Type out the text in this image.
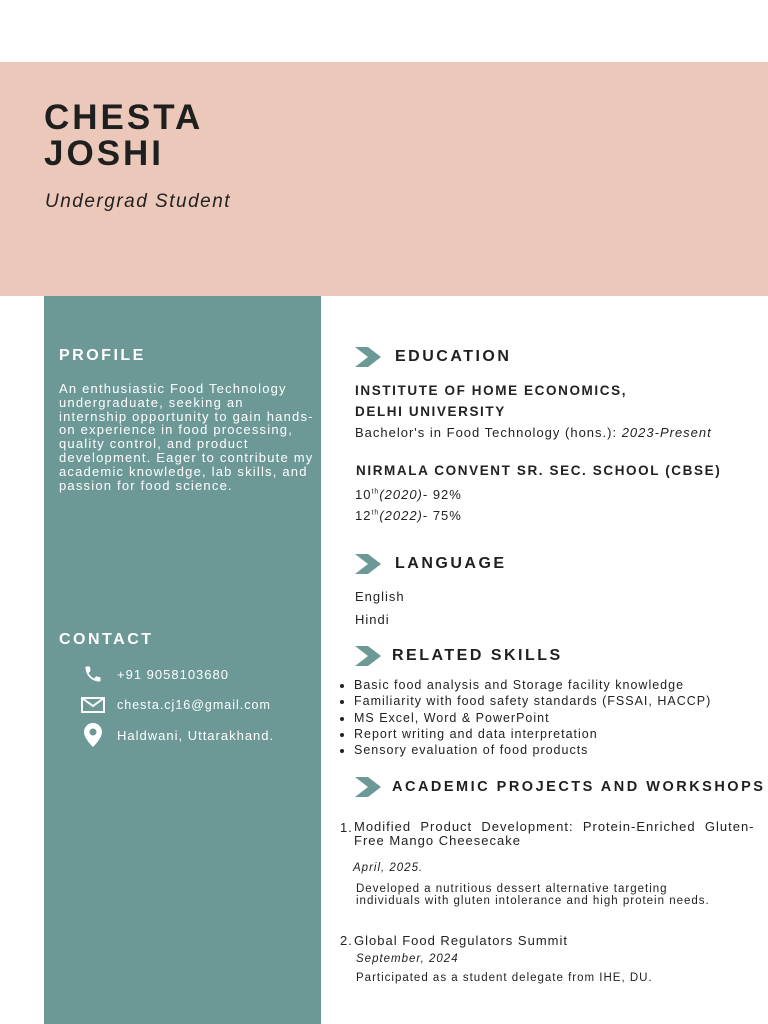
CHESTA
JOSHI
Undergrad Student
PROFILE
An enthusiastic Food Technology undergraduate, seeking an internship opportunity to gain hands-on experience in food processing, quality control, and product development. Eager to contribute my academic knowledge, lab skills, and passion for food science.
CONTACT
+91 9058103680
chesta.cj16@gmail.com
Haldwani, Uttarakhand.
EDUCATION
INSTITUTE OF HOME ECONOMICS,
DELHI UNIVERSITY
Bachelor's in Food Technology (hons.): 2023-Present
NIRMALA CONVENT SR. SEC. SCHOOL (CBSE)
10th(2020)- 92%
12th(2022)- 75%
LANGUAGE
English
Hindi
RELATED SKILLS
• Basic food analysis and Storage facility knowledge
• Familiarity with food safety standards (FSSAI, HACCP)
• MS Excel, Word & PowerPoint
• Report writing and data interpretation
• Sensory evaluation of food products
ACADEMIC PROJECTS AND WORKSHOPS
1. Modified  Product  Development:  Protein-Enriched  Gluten-
Free Mango Cheesecake
April, 2025.
Developed a nutritious dessert alternative targeting
individuals with gluten intolerance and high protein needs.
2. Global Food Regulators Summit
September, 2024
Participated as a student delegate from IHE, DU.
